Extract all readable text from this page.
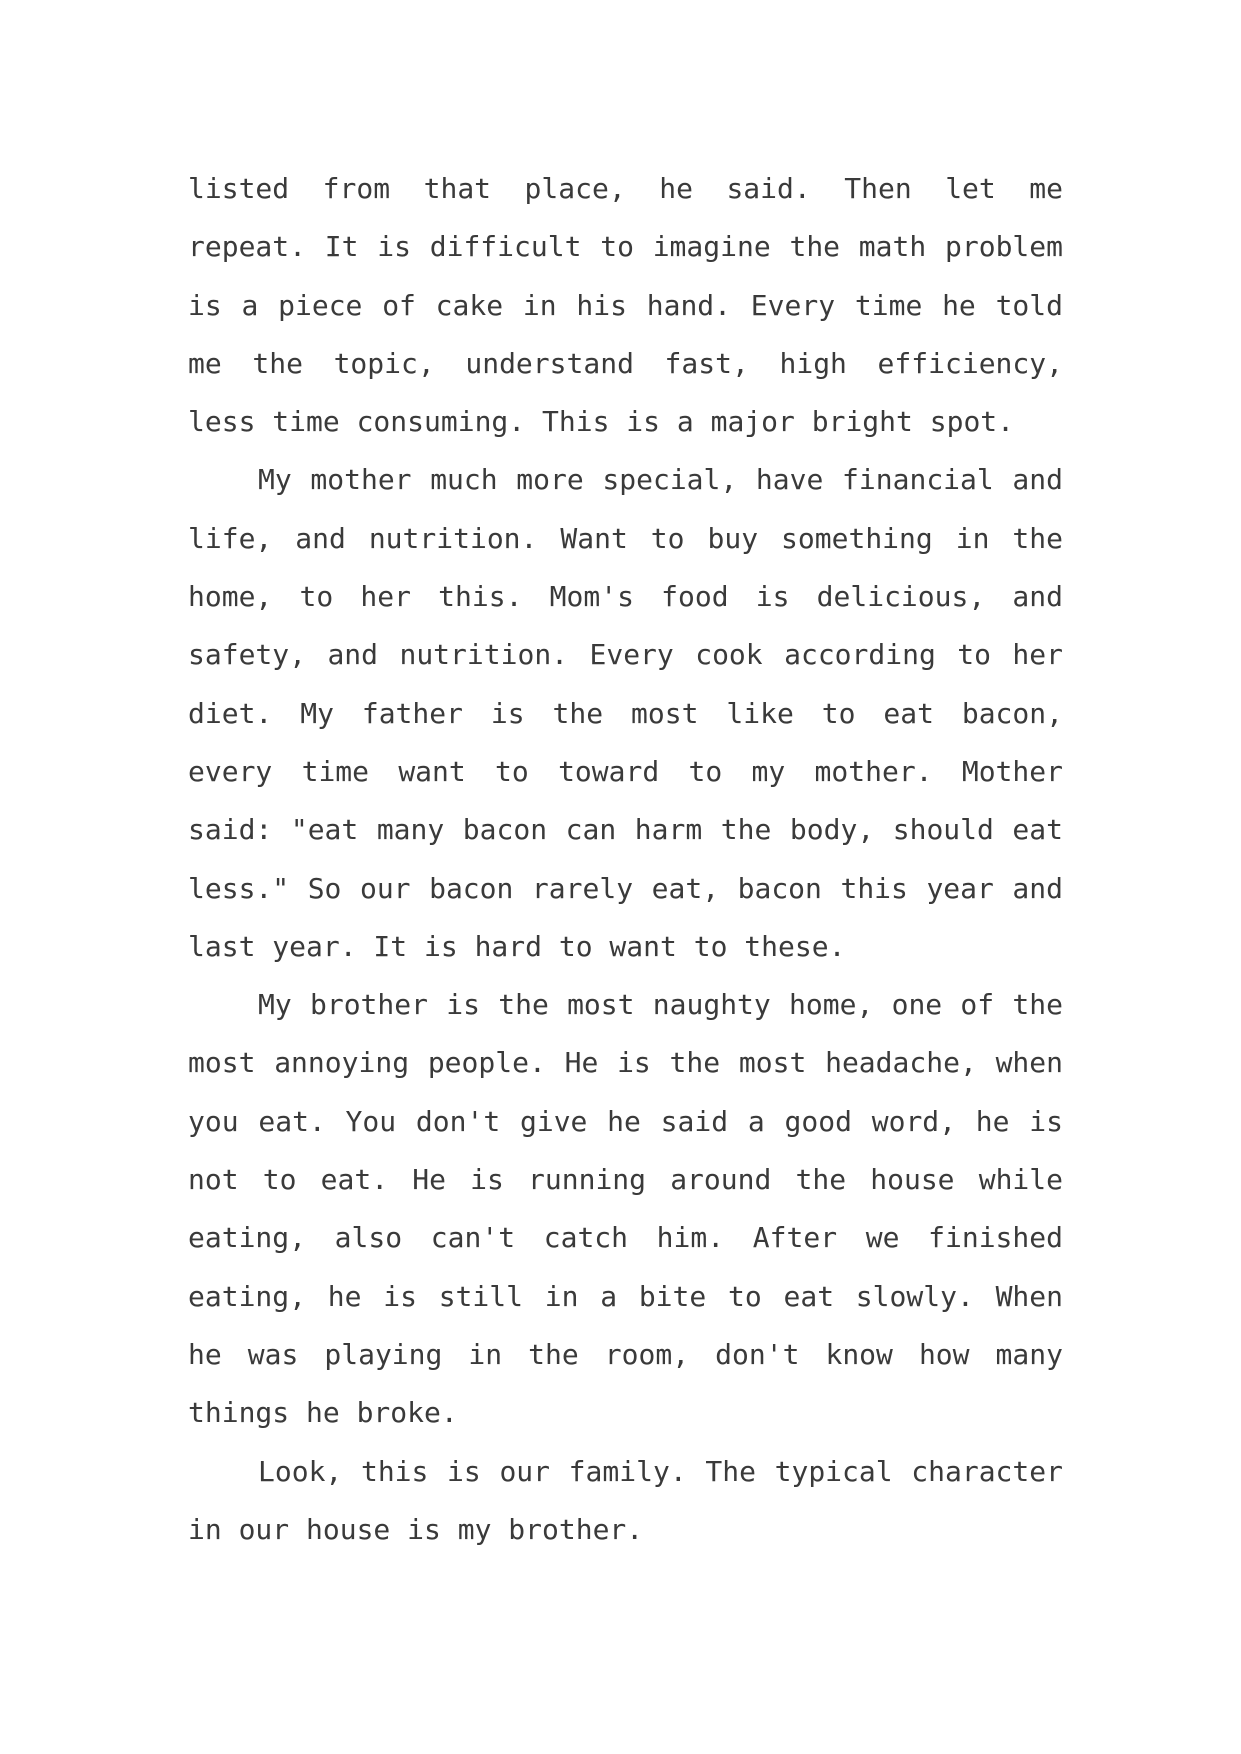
listed from that place, he said. Then let me repeat. It is difficult to imagine the math problem is a piece of cake in his hand. Every time he told me the topic, understand fast, high efficiency, less time consuming. This is a major bright spot.

My mother much more special, have financial and life, and nutrition. Want to buy something in the home, to her this. Mom's food is delicious, and safety, and nutrition. Every cook according to her diet. My father is the most like to eat bacon, every time want to toward to my mother. Mother said: "eat many bacon can harm the body, should eat less." So our bacon rarely eat, bacon this year and last year. It is hard to want to these.

My brother is the most naughty home, one of the most annoying people. He is the most headache, when you eat. You don't give he said a good word, he is not to eat. He is running around the house while eating, also can't catch him. After we finished eating, he is still in a bite to eat slowly. When he was playing in the room, don't know how many things he broke.

Look, this is our family. The typical character in our house is my brother.
